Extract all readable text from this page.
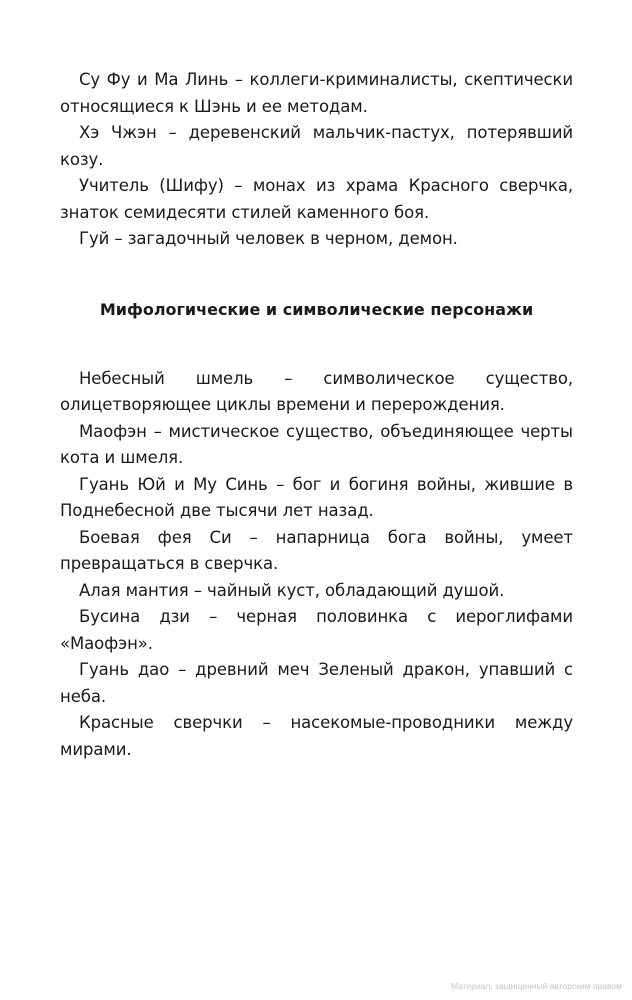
Су Фу и Ма Линь – коллеги-криминалисты, скептически относящиеся к Шэнь и ее методам.

Хэ Чжэн – деревенский мальчик-пастух, потерявший козу.

Учитель (Шифу) – монах из храма Красного сверчка, знаток семидесяти стилей каменного боя.

Гуй – загадочный человек в черном, демон.

Мифологические и символические персонажи

Небесный шмель – символическое существо, олицетворяющее циклы времени и перерождения.

Маофэн – мистическое существо, объединяющее черты кота и шмеля.

Гуань Юй и Му Синь – бог и богиня войны, жившие в Поднебесной две тысячи лет назад.

Боевая фея Си – напарница бога войны, умеет превращаться в сверчка.

Алая мантия – чайный куст, обладающий душой.

Бусина дзи – черная половинка с иероглифами «Маофэн».

Гуань дао – древний меч Зеленый дракон, упавший с неба.

Красные сверчки – насекомые-проводники между мирами.

Материал, защищенный авторским правом
